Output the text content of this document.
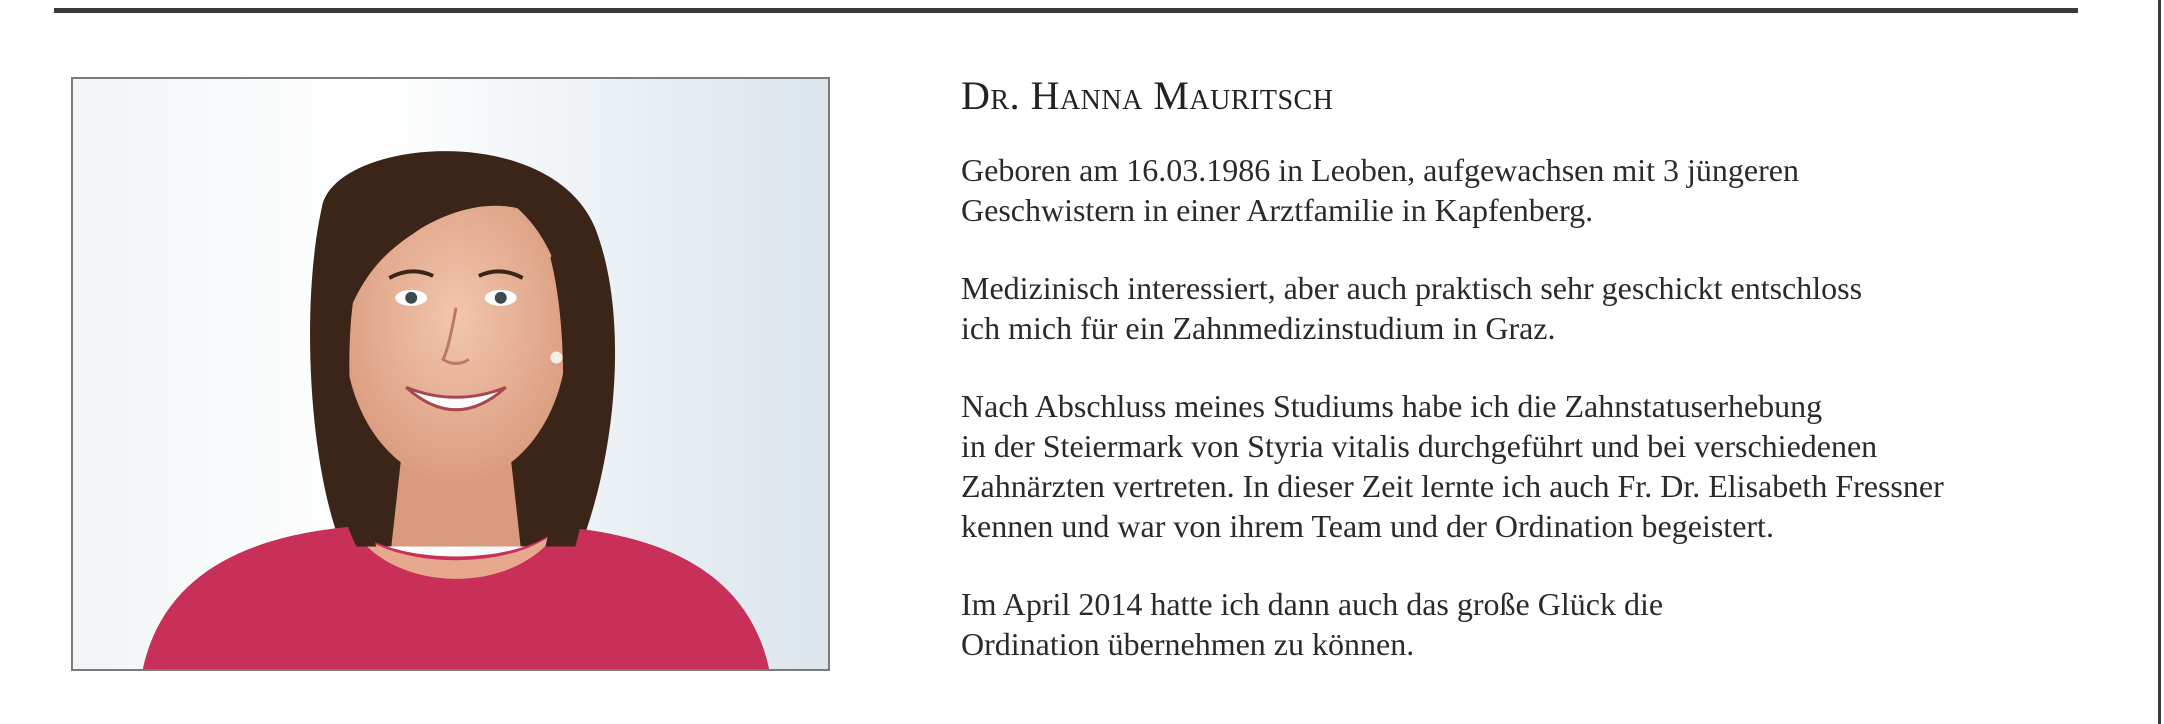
Dr. Hanna Mauritsch

Geboren am 16.03.1986 in Leoben, aufgewachsen mit 3 jüngeren
Geschwistern in einer Arztfamilie in Kapfenberg.

Medizinisch interessiert, aber auch praktisch sehr geschickt entschloss
ich mich für ein Zahnmedizinstudium in Graz.

Nach Abschluss meines Studiums habe ich die Zahnstatuserhebung
in der Steiermark von Styria vitalis durchgeführt und bei verschiedenen
Zahnärzten vertreten. In dieser Zeit lernte ich auch Fr. Dr. Elisabeth Fressner
kennen und war von ihrem Team und der Ordination begeistert.

Im April 2014 hatte ich dann auch das große Glück die
Ordination übernehmen zu können.
